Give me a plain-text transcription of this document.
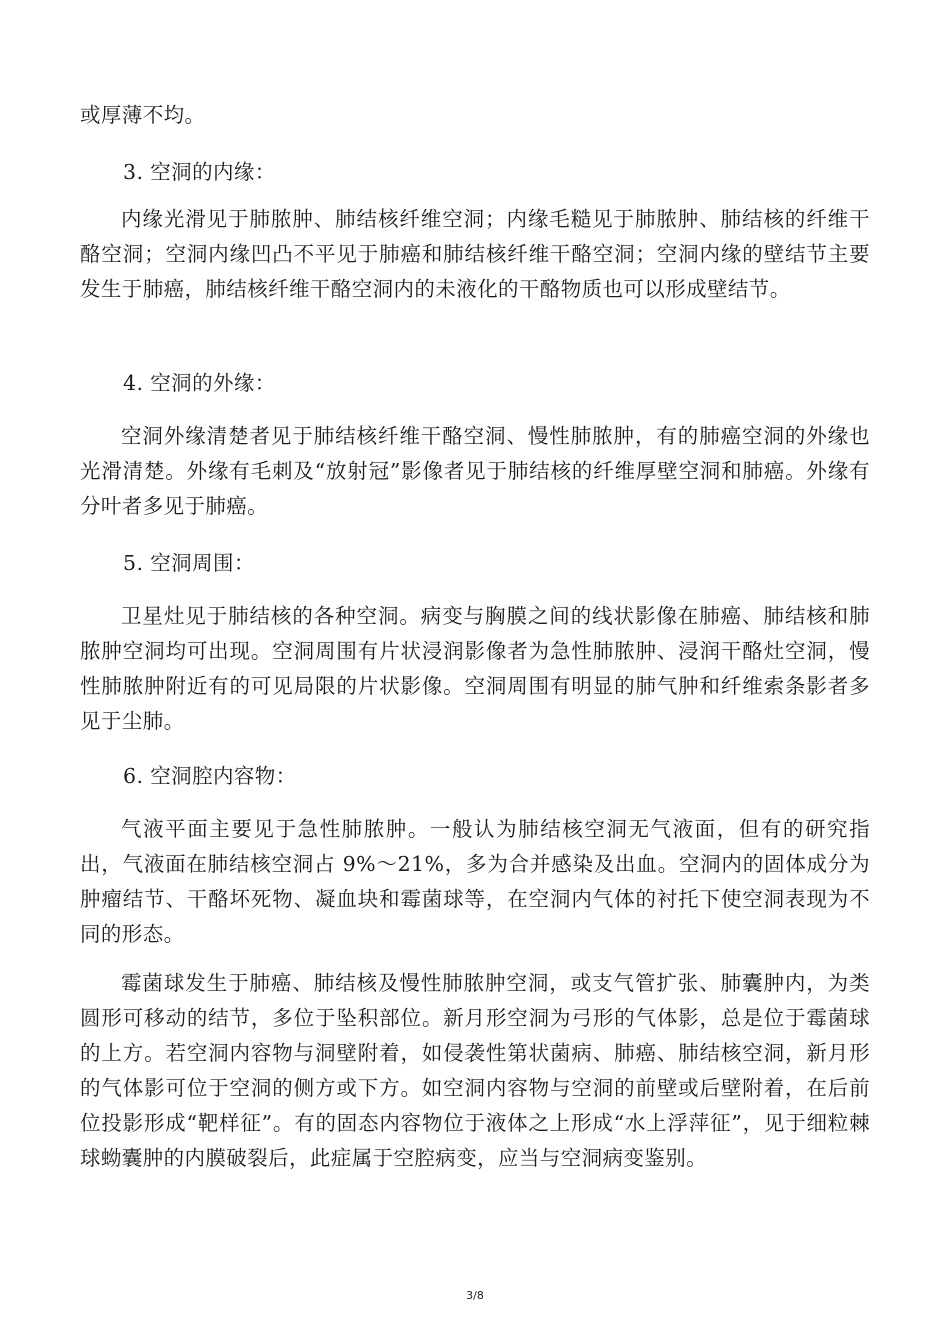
或厚薄不均。

3. 空洞的内缘：

内缘光滑见于肺脓肿、肺结核纤维空洞；内缘毛糙见于肺脓肿、肺结核的纤维干酪空洞；空洞内缘凹凸不平见于肺癌和肺结核纤维干酪空洞；空洞内缘的壁结节主要发生于肺癌，肺结核纤维干酪空洞内的未液化的干酪物质也可以形成壁结节。

4. 空洞的外缘：

空洞外缘清楚者见于肺结核纤维干酪空洞、慢性肺脓肿，有的肺癌空洞的外缘也光滑清楚。外缘有毛刺及“放射冠”影像者见于肺结核的纤维厚壁空洞和肺癌。外缘有分叶者多见于肺癌。

5. 空洞周围：

卫星灶见于肺结核的各种空洞。病变与胸膜之间的线状影像在肺癌、肺结核和肺脓肿空洞均可出现。空洞周围有片状浸润影像者为急性肺脓肿、浸润干酪灶空洞，慢性肺脓肿附近有的可见局限的片状影像。空洞周围有明显的肺气肿和纤维索条影者多见于尘肺。

6. 空洞腔内容物：

气液平面主要见于急性肺脓肿。一般认为肺结核空洞无气液面，但有的研究指出，气液面在肺结核空洞占 9%～21%，多为合并感染及出血。空洞内的固体成分为肿瘤结节、干酪坏死物、凝血块和霉菌球等，在空洞内气体的衬托下使空洞表现为不同的形态。

霉菌球发生于肺癌、肺结核及慢性肺脓肿空洞，或支气管扩张、肺囊肿内，为类圆形可移动的结节，多位于坠积部位。新月形空洞为弓形的气体影，总是位于霉菌球的上方。若空洞内容物与洞壁附着，如侵袭性第状菌病、肺癌、肺结核空洞，新月形的气体影可位于空洞的侧方或下方。如空洞内容物与空洞的前壁或后壁附着，在后前位投影形成“靶样征”。有的固态内容物位于液体之上形成“水上浮萍征”，见于细粒棘球蚴囊肿的内膜破裂后，此症属于空腔病变，应当与空洞病变鉴别。

3/8
